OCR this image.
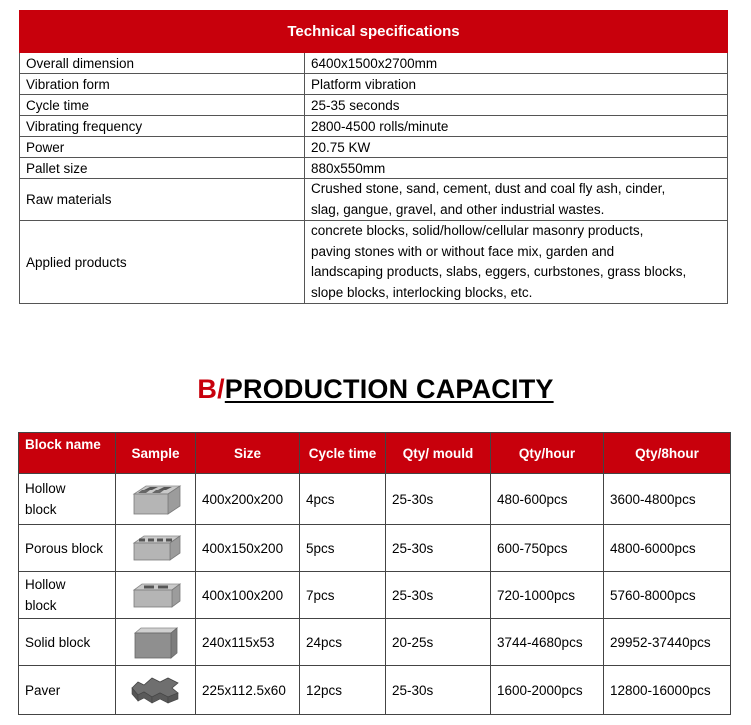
Technical specifications	
Overall dimension	6400x1500x2700mm
Vibration form	Platform vibration
Cycle time	25-35 seconds
Vibrating frequency	2800-4500 rolls/minute
Power	20.75 KW
Pallet size	880x550mm
Raw materials	Crushed stone, sand, cement, dust and coal fly ash, cinder,
slag, gangue, gravel, and other industrial wastes.

Applied products	concrete blocks, solid/hollow/cellular masonry products,
paving stones with or without face mix, garden and
landscaping products, slabs, eggers, curbstones, grass blocks,
slope blocks, interlocking blocks, etc.
B/PRODUCTION CAPACITY
Block name	Sample	Size	Cycle time	Qty/ mould	Qty/hour	Qty/8hour

Hollow
block		400x200x200	4pcs	25-30s	480-600pcs	3600-4800pcs

Porous block		400x150x200	5pcs	25-30s	600-750pcs	4800-6000pcs

Hollow
block		400x100x200	7pcs	25-30s	720-1000pcs	5760-8000pcs

Solid block		240x115x53	24pcs	20-25s	3744-4680pcs	29952-37440pcs

Paver		225x112.5x60	12pcs	25-30s	1600-2000pcs	12800-16000pcs
